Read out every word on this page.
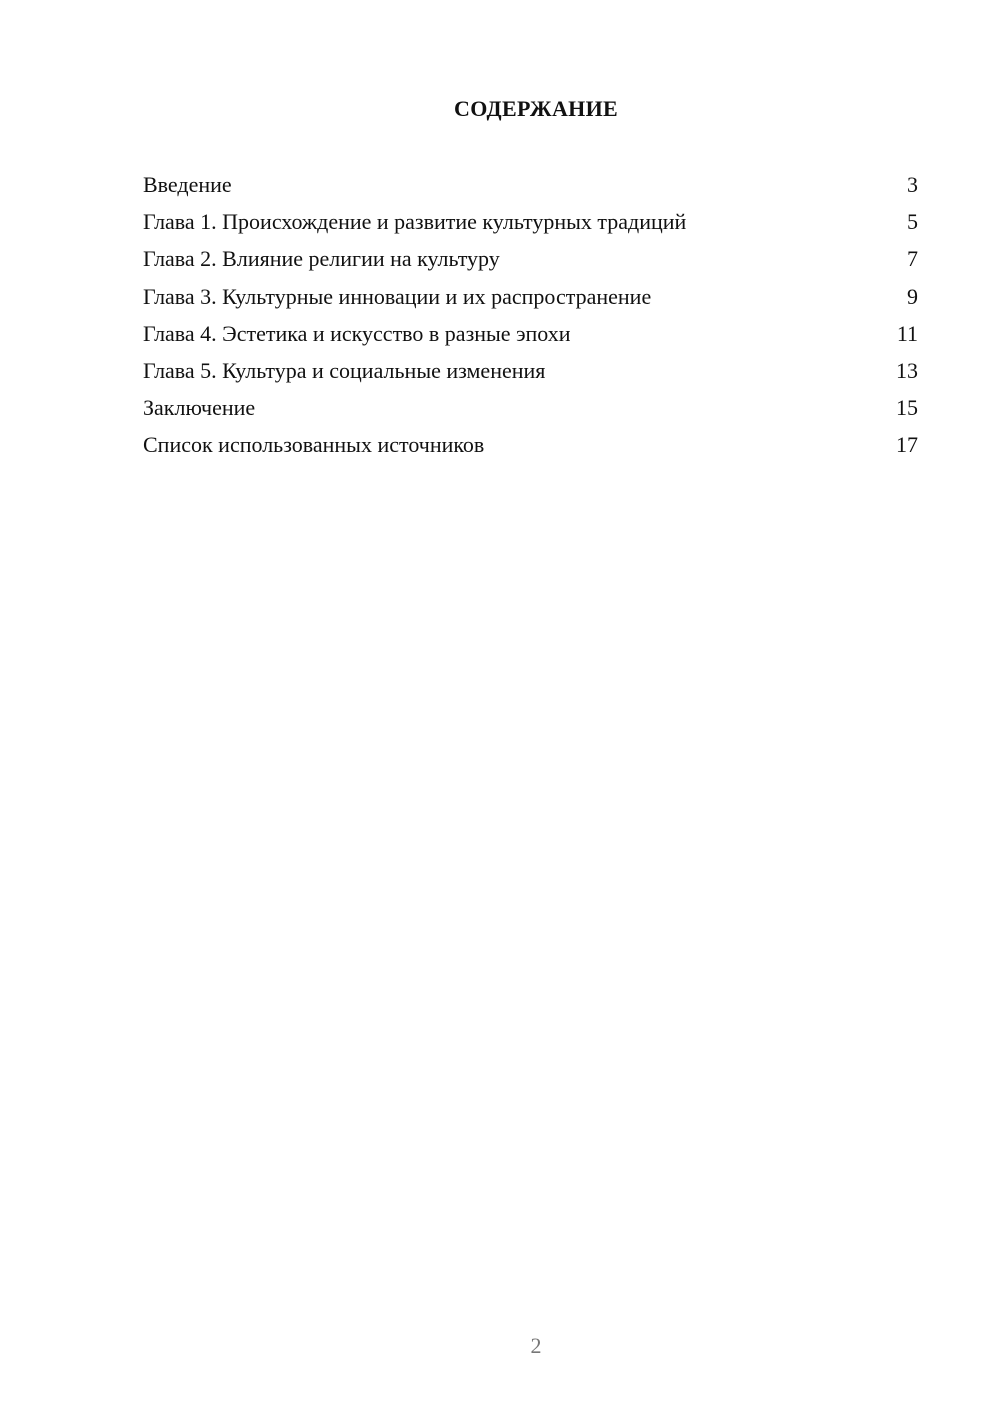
СОДЕРЖАНИЕ
Введение	3
Глава 1. Происхождение и развитие культурных традиций	5
Глава 2. Влияние религии на культуру	7
Глава 3. Культурные инновации и их распространение	9
Глава 4. Эстетика и искусство в разные эпохи	11
Глава 5. Культура и социальные изменения	13
Заключение	15
Список использованных источников	17
2
